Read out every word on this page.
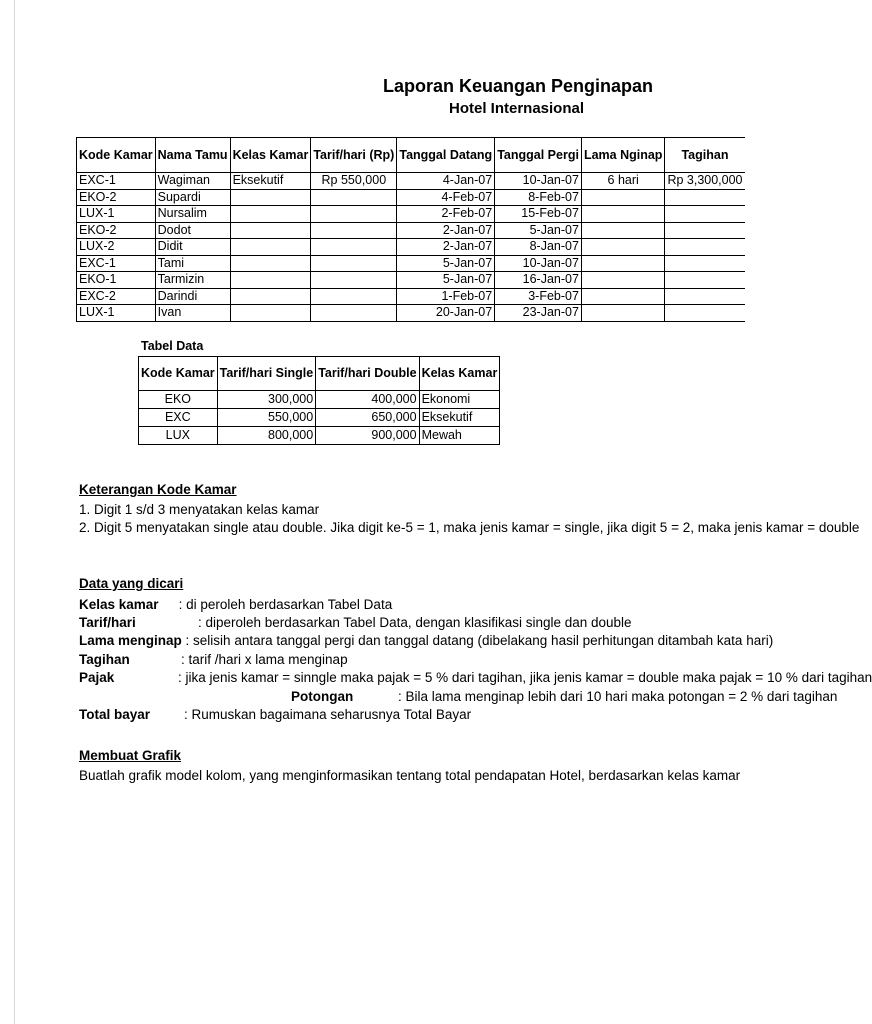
Laporan Keuangan Penginapan
Hotel Internasional
Kode Kamar	Nama Tamu	Kelas Kamar	Tarif/hari (Rp)	Tanggal Datang	Tanggal Pergi	Lama Nginap	Tagihan
EXC-1	Wagiman	Eksekutif	Rp 550,000	4-Jan-07	10-Jan-07	6 hari	Rp 3,300,000
EKO-2	Supardi			4-Feb-07	8-Feb-07		
LUX-1	Nursalim			2-Feb-07	15-Feb-07		
EKO-2	Dodot			2-Jan-07	5-Jan-07		
LUX-2	Didit			2-Jan-07	8-Jan-07		
EXC-1	Tami			5-Jan-07	10-Jan-07		
EKO-1	Tarmizin			5-Jan-07	16-Jan-07		
EXC-2	Darindi			1-Feb-07	3-Feb-07		
LUX-1	Ivan			20-Jan-07	23-Jan-07		
Tabel Data
Kode Kamar	Tarif/hari Single	Tarif/hari Double	Kelas Kamar
EKO	300,000	400,000	Ekonomi
EXC	550,000	650,000	Eksekutif
LUX	800,000	900,000	Mewah
Keterangan Kode Kamar
1. Digit 1 s/d 3 menyatakan kelas kamar
2. Digit 5 menyatakan single atau double. Jika digit ke-5 = 1, maka jenis kamar = single, jika digit 5 = 2, maka jenis kamar = double
Data yang dicari
Kelas kamar : di peroleh berdasarkan Tabel Data
Tarif/hari	: diperoleh berdasarkan Tabel Data, dengan klasifikasi single dan double
Lama menginap : selisih antara tanggal pergi dan tanggal datang (dibelakang hasil perhitungan ditambah kata hari)
Tagihan	: tarif /hari x lama menginap
Pajak	: jika jenis kamar = sinngle maka pajak = 5 % dari tagihan, jika jenis kamar = double maka pajak = 10 % dari tagihan
Potongan	: Bila lama menginap lebih dari 10 hari maka potongan = 2 % dari tagihan
Total bayar	: Rumuskan bagaimana seharusnya Total Bayar
Membuat Grafik
Buatlah grafik model kolom, yang menginformasikan tentang total pendapatan Hotel, berdasarkan kelas kamar
